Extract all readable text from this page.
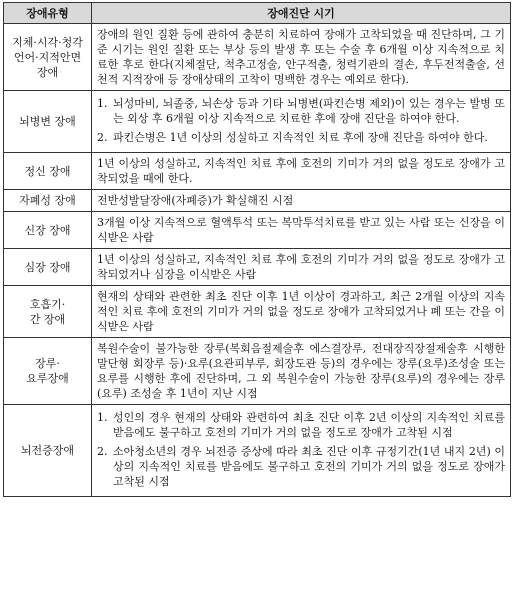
장애유형	장애진단 시기

지체·시각·청각
언어·지적안면
장애	장애의 원인 질환 등에 관하여 충분히 치료하여 장애가 고착되었을 때 진단하며, 그 기준 시기는 원인 질환 또는 부상 등의 발생 후 또는 수술 후 6개월 이상 지속적으로 치료한 후로 한다(지체절단, 척추고정술, 안구적출, 청력기관의 결손, 후두전적출술, 선천적 지적장애 등 장애상태의 고착이 명백한 경우는 예외로 한다).

뇌병변 장애	1. 뇌성마비, 뇌졸중, 뇌손상 등과 기타 뇌병변(파킨슨병 제외)이 있는 경우는 발병 또는 외상 후 6개월 이상 지속적으로 치료한 후에 장애 진단을 하여야 한다.
2. 파킨슨병은 1년 이상의 성실하고 지속적인 치료 후에 장애 진단을 하여야 한다.

정신 장애	1년 이상의 성실하고, 지속적인 치료 후에 호전의 기미가 거의 없을 정도로 장애가 고착되었을 때에 한다.

자폐성 장애	전반성발달장애(자폐증)가 확실해진 시점

신장 장애	3개월 이상 지속적으로 혈액투석 또는 복막투석치료를 받고 있는 사람 또는 신장을 이식받은 사람

심장 장애	1년 이상의 성실하고, 지속적인 치료 후에 호전의 기미가 거의 없을 정도로 장애가 고착되었거나 심장을 이식받은 사람

호흡기·
간 장애	현재의 상태와 관련한 최초 진단 이후 1년 이상이 경과하고, 최근 2개월 이상의 지속적인 치료 후에 호전의 기미가 거의 없을 정도로 장애가 고착되었거나 폐 또는 간을 이식받은 사람

장루·
요루장애	복원수술이 불가능한 장루(복회음절제술후 에스결장루, 전대장직장절제술후 시행한 말단형 회장루 등)·요루(요관피부루, 회장도관 등)의 경우에는 장루(요루)조성술 또는 요루를 시행한 후에 진단하며, 그 외 복원수술이 가능한 장루(요루)의 경우에는 장루(요루) 조성술 후 1년이 지난 시점

뇌전증장애	1. 성인의 경우 현재의 상태와 관련하여 최초 진단 이후 2년 이상의 지속적인 치료를 받음에도 불구하고 호전의 기미가 거의 없을 정도로 장애가 고착된 시점
2. 소아청소년의 경우 뇌전증 증상에 따라 최초 진단 이후 규정기간(1년 내지 2년) 이상의 지속적인 치료를 받음에도 불구하고 호전의 기미가 거의 없을 정도로 장애가 고착된 시점
